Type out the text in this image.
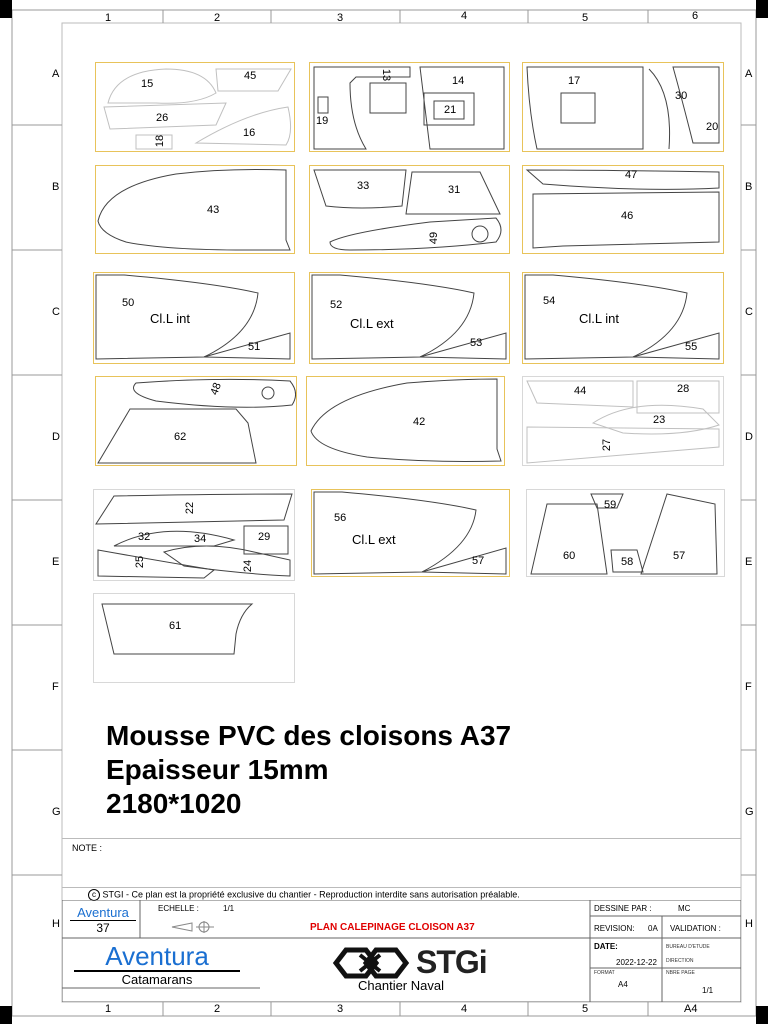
1	2	3	4	5	6
1	2	3	4	5
A
B
C
D
E
F
G
H
A
B
C
D
E
F
G
H
15
45
26
18
16
13	14
21
19
17
30
20
43
33	31
49
47
46
50
Cl.L int
51
52
Cl.L ext
53
54
Cl.L int
55
48
62
42
44	28
23
27
22
32	34	29
25	24
56
Cl.L ext
57
59
60	58	57
61
Mousse PVC des cloisons A37
Epaisseur 15mm
2180*1020
NOTE :
c STGI - Ce plan est la propriété exclusive du chantier - Reproduction interdite sans autorisation préalable.
Aventura
37
ECHELLE :	1/1
PLAN CALEPINAGE CLOISON A37
Aventura
Catamarans	STGi
Chantier Naval
DESSINE PAR :	MC
REVISION: 0A VALIDATION :
DATE:
2022-12-22
BUREAU D'ETUDE
DIRECTION
FORMAT
A4
NBRE PAGE
1/1
A4
